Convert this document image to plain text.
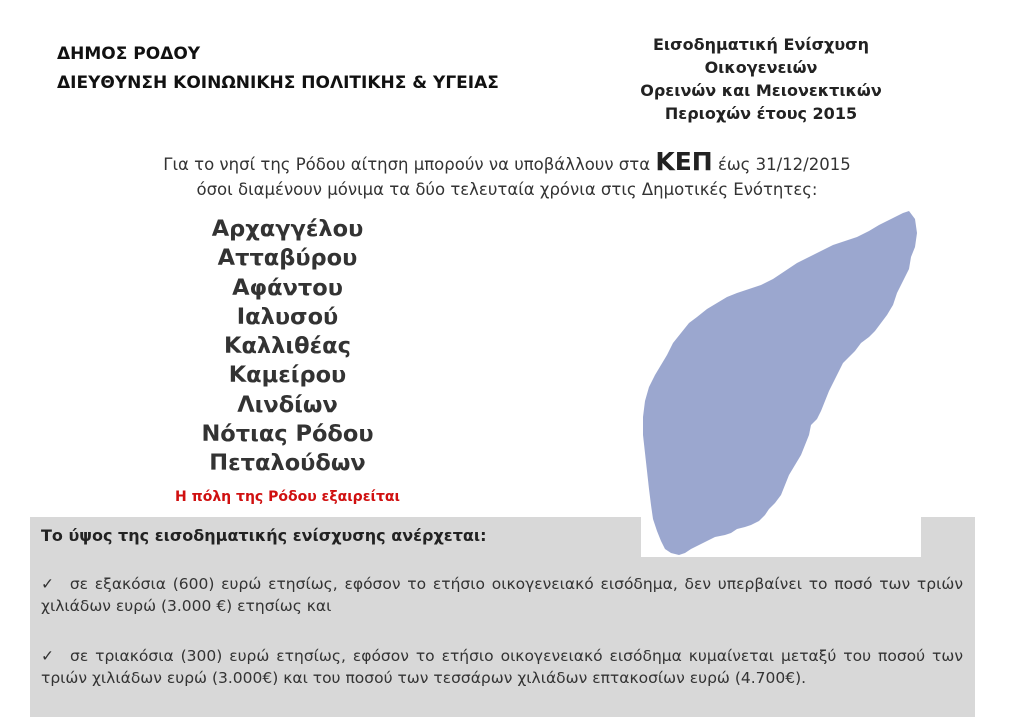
ΔΗΜΟΣ ΡΟΔΟΥ
ΔΙΕΥΘΥΝΣΗ ΚΟΙΝΩΝΙΚΗΣ ΠΟΛΙΤΙΚΗΣ & ΥΓΕΙΑΣ
Εισοδηματική Ενίσχυση
Οικογενειών
Ορεινών και Μειονεκτικών
Περιοχών έτους 2015
Για το νησί της Ρόδου αίτηση μπορούν να υποβάλλουν στα ΚΕΠ έως 31/12/2015
όσοι διαμένουν μόνιμα τα δύο τελευταία χρόνια στις Δημοτικές Ενότητες:
Αρχαγγέλου
Ατταβύρου
Αφάντου
Ιαλυσού
Καλλιθέας
Καμείρου
Λινδίων
Νότιας Ρόδου
Πεταλούδων
Η πόλη της Ρόδου εξαιρείται
Το ύψος της εισοδηματικής ενίσχυσης ανέρχεται:
✓ σε εξακόσια (600) ευρώ ετησίως, εφόσον το ετήσιο οικογενειακό εισόδημα, δεν υπερβαίνει το ποσό των τριών χιλιάδων ευρώ (3.000 €) ετησίως και
✓ σε τριακόσια (300) ευρώ ετησίως, εφόσον το ετήσιο οικογενειακό εισόδημα κυμαίνεται μεταξύ του ποσού των τριών χιλιάδων ευρώ (3.000€) και του ποσού των τεσσάρων χιλιάδων επτακοσίων ευρώ (4.700€).
